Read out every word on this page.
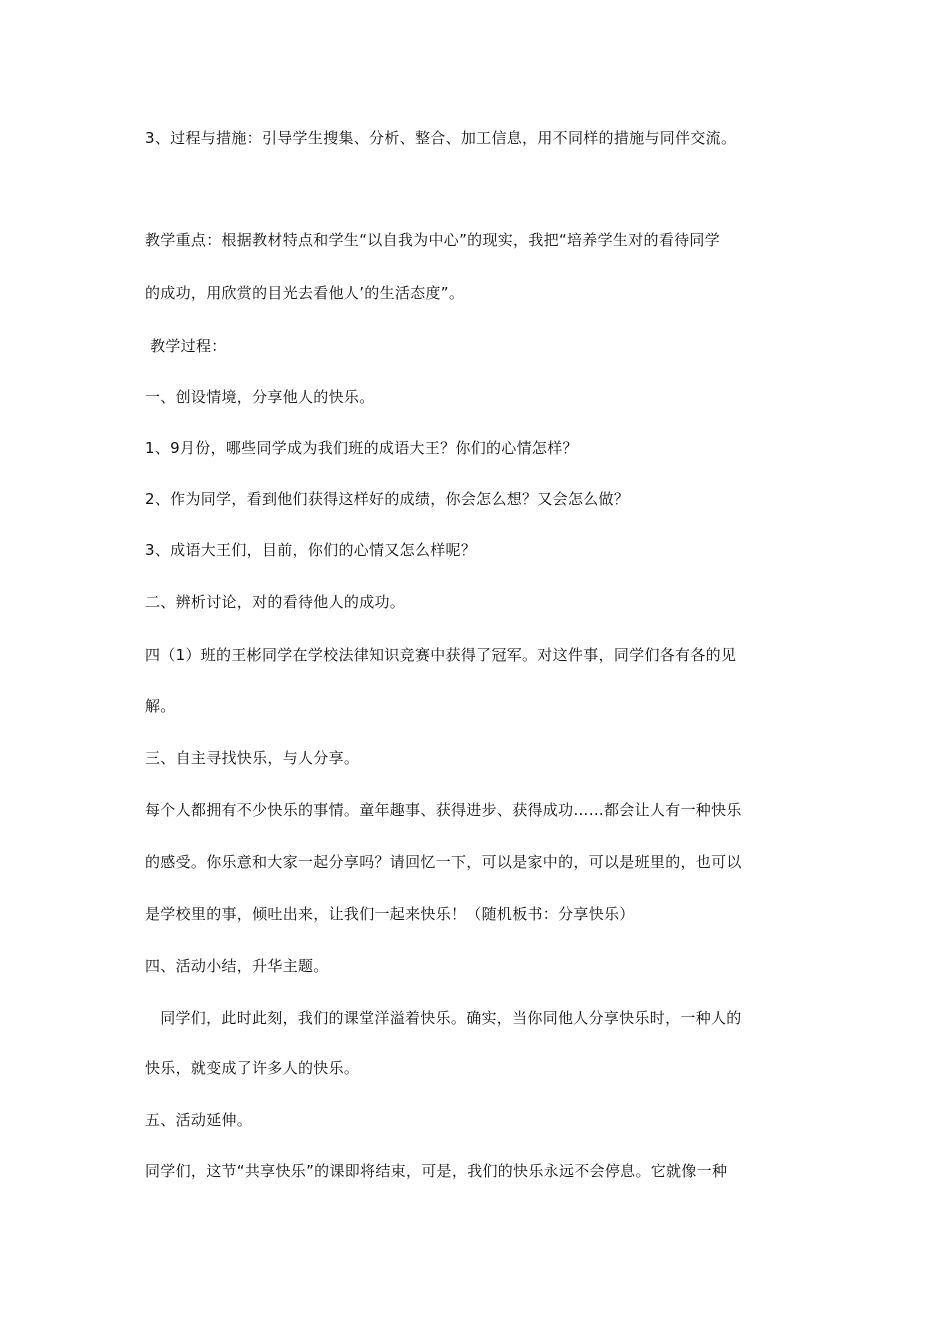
3、过程与措施：引导学生搜集、分析、整合、加工信息，用不同样的措施与同伴交流。
教学重点：根据教材特点和学生“以自我为中心”的现实，我把“培养学生对的看待同学
的成功，用欣赏的目光去看他人’的生活态度”。
教学过程：
一、创设情境，分享他人的快乐。
1、9月份，哪些同学成为我们班的成语大王？你们的心情怎样？
2、作为同学，看到他们获得这样好的成绩，你会怎么想？又会怎么做？
3、成语大王们，目前，你们的心情又怎么样呢？
二、辨析讨论，对的看待他人的成功。
四（1）班的王彬同学在学校法律知识竞赛中获得了冠军。对这件事，同学们各有各的见
解。
三、自主寻找快乐，与人分享。
每个人都拥有不少快乐的事情。童年趣事、获得进步、获得成功……都会让人有一种快乐
的感受。你乐意和大家一起分享吗？请回忆一下，可以是家中的，可以是班里的，也可以
是学校里的事，倾吐出来，让我们一起来快乐！（随机板书：分享快乐）
四、活动小结，升华主题。
同学们，此时此刻，我们的课堂洋溢着快乐。确实，当你同他人分享快乐时，一种人的
快乐，就变成了许多人的快乐。
五、活动延伸。
同学们，这节“共享快乐”的课即将结束，可是，我们的快乐永远不会停息。它就像一种
